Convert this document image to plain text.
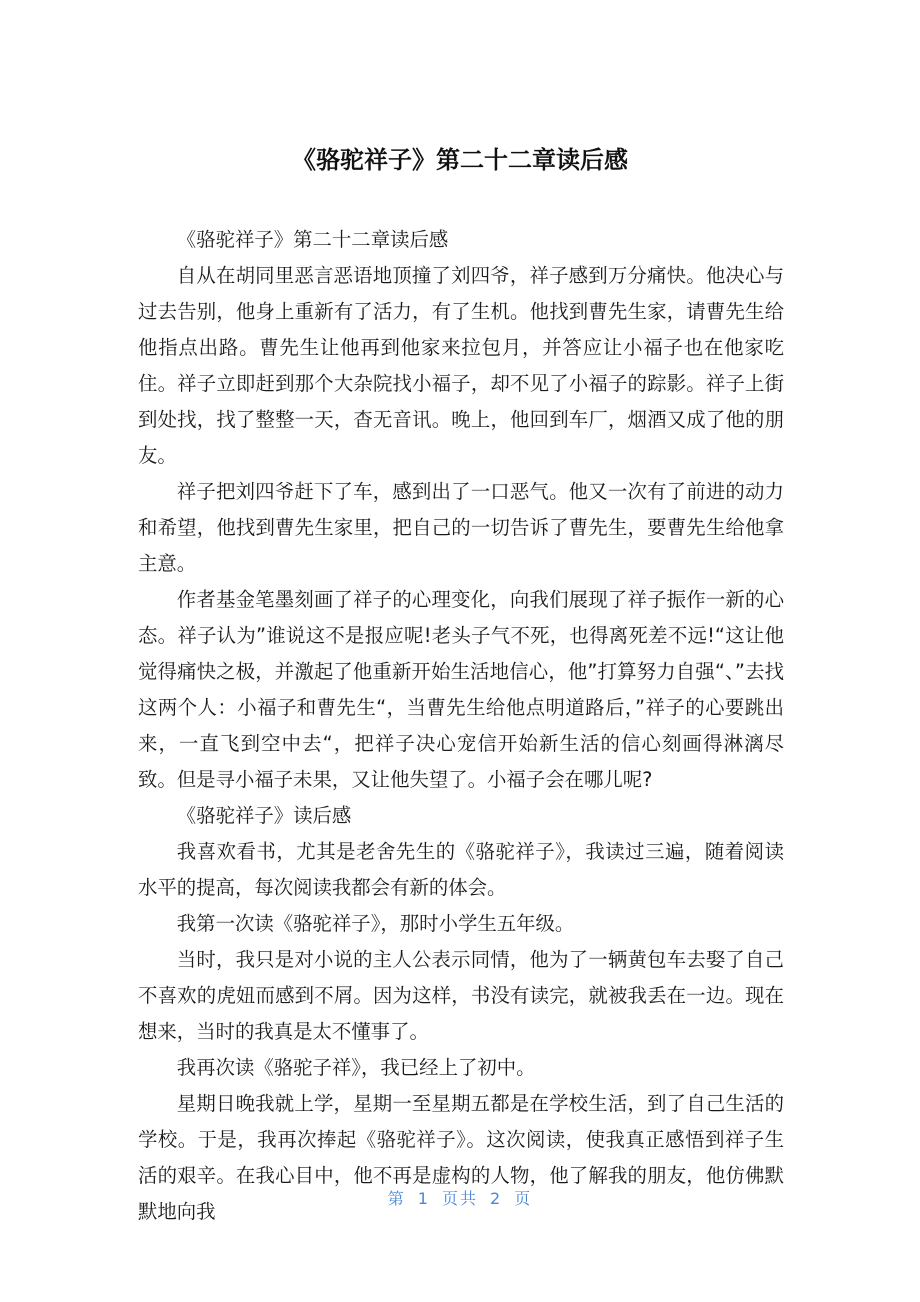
《骆驼祥子》第二十二章读后感

《骆驼祥子》第二十二章读后感

自从在胡同里恶言恶语地顶撞了刘四爷，祥子感到万分痛快。他决心与过去告别，他身上重新有了活力，有了生机。他找到曹先生家，请曹先生给他指点出路。曹先生让他再到他家来拉包月，并答应让小福子也在他家吃住。祥子立即赶到那个大杂院找小福子，却不见了小福子的踪影。祥子上街到处找，找了整整一天，杳无音讯。晚上，他回到车厂，烟酒又成了他的朋友。

祥子把刘四爷赶下了车，感到出了一口恶气。他又一次有了前进的动力和希望，他找到曹先生家里，把自己的一切告诉了曹先生，要曹先生给他拿主意。

作者基金笔墨刻画了祥子的心理变化，向我们展现了祥子振作一新的心态。祥子认为”谁说这不是报应呢!老头子气不死，也得离死差不远!“这让他觉得痛快之极，并激起了他重新开始生活地信心，他”打算努力自强“、”去找这两个人：小福子和曹先生“，当曹先生给他点明道路后，”祥子的心要跳出来，一直飞到空中去“，把祥子决心宠信开始新生活的信心刻画得淋漓尽致。但是寻小福子未果，又让他失望了。小福子会在哪儿呢?

《骆驼祥子》读后感

我喜欢看书，尤其是老舍先生的《骆驼祥子》，我读过三遍，随着阅读水平的提高，每次阅读我都会有新的体会。

我第一次读《骆驼祥子》，那时小学生五年级。

当时，我只是对小说的主人公表示同情，他为了一辆黄包车去娶了自己不喜欢的虎妞而感到不屑。因为这样，书没有读完，就被我丢在一边。现在想来，当时的我真是太不懂事了。

我再次读《骆驼子祥》，我已经上了初中。

星期日晚我就上学，星期一至星期五都是在学校生活，到了自己生活的学校。于是，我再次捧起《骆驼祥子》。这次阅读，使我真正感悟到祥子生活的艰辛。在我心目中，他不再是虚构的人物，他了解我的朋友，他仿佛默默地向我

第 1 页共 2 页
